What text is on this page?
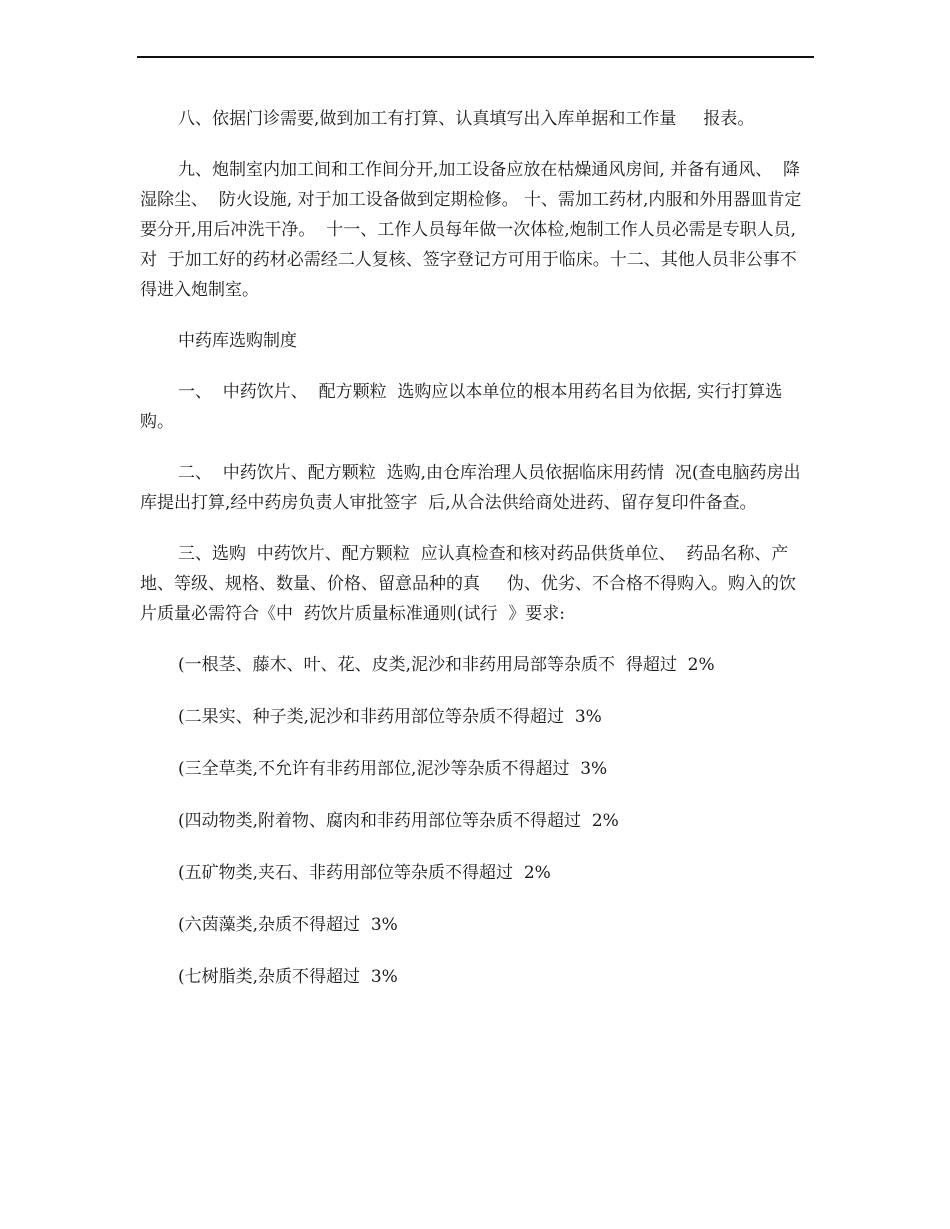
八、依据门诊需要,做到加工有打算、认真填写出入库单据和工作量     报表。

九、炮制室内加工间和工作间分开,加工设备应放在枯燥通风房间, 并备有通风、  降湿除尘、  防火设施, 对于加工设备做到定期检修。 十、需加工药材,内服和外用器皿肯定要分开,用后冲洗干净。  十一、工作人员每年做一次体检,炮制工作人员必需是专职人员,对  于加工好的药材必需经二人复核、签字登记方可用于临床。十二、其他人员非公事不得进入炮制室。

中药库选购制度

一、  中药饮片、  配方颗粒  选购应以本单位的根本用药名目为依据, 实行打算选购。

二、  中药饮片、配方颗粒  选购,由仓库治理人员依据临床用药情  况(查电脑药房出库提出打算,经中药房负责人审批签字  后,从合法供给商处进药、留存复印件备查。

三、选购  中药饮片、配方颗粒  应认真检查和核对药品供货单位、  药品名称、产地、等级、规格、数量、价格、留意品种的真     伪、优劣、不合格不得购入。购入的饮片质量必需符合《中  药饮片质量标准通则(试行  》要求:

(一根茎、藤木、叶、花、皮类,泥沙和非药用局部等杂质不  得超过  2%

(二果实、种子类,泥沙和非药用部位等杂质不得超过  3%

(三全草类,不允许有非药用部位,泥沙等杂质不得超过  3%

(四动物类,附着物、腐肉和非药用部位等杂质不得超过  2%

(五矿物类,夹石、非药用部位等杂质不得超过  2%

(六茵藻类,杂质不得超过  3%

(七树脂类,杂质不得超过  3%
